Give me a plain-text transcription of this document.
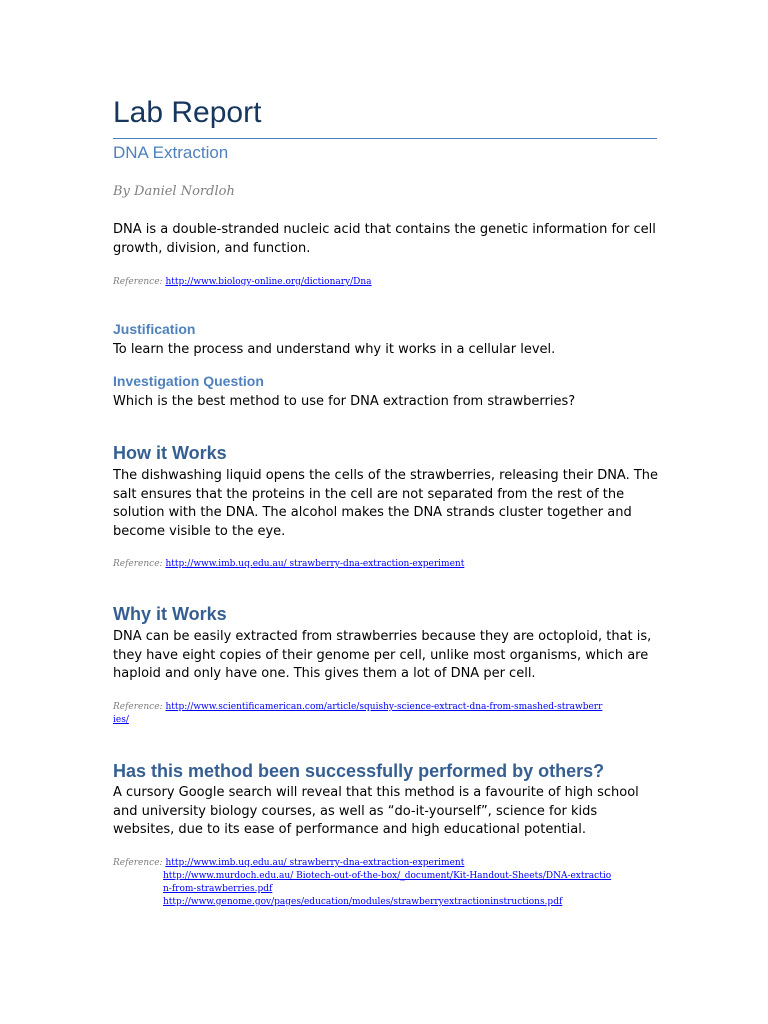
Lab Report
DNA Extraction
By Daniel Nordloh

DNA is a double-stranded nucleic acid that contains the genetic information for cell growth, division, and function.

Reference: http://www.biology-online.org/dictionary/Dna
Justification

To learn the process and understand why it works in a cellular level.

Investigation Question

Which is the best method to use for DNA extraction from strawberries?

How it Works

The dishwashing liquid opens the cells of the strawberries, releasing their DNA. The salt ensures that the proteins in the cell are not separated from the rest of the solution with the DNA. The alcohol makes the DNA strands cluster together and become visible to the eye.

Reference: http://www.imb.uq.edu.au/ strawberry-dna-extraction-experiment
Why it Works

DNA can be easily extracted from strawberries because they are octoploid, that is, they have eight copies of their genome per cell, unlike most organisms, which are haploid and only have one. This gives them a lot of DNA per cell.

Reference: http://www.scientificamerican.com/article/squishy-science-extract-dna-from-smashed-strawberries/
Has this method been successfully performed by others?

A cursory Google search will reveal that this method is a favourite of high school and university biology courses, as well as “do-it-yourself”, science for kids websites, due to its ease of performance and high educational potential.

Reference: http://www.imb.uq.edu.au/ strawberry-dna-extraction-experiment
http://www.murdoch.edu.au/ Biotech-out-of-the-box/_document/Kit-Handout-Sheets/DNA-extraction-from-strawberries.pdf
http://www.genome.gov/pages/education/modules/strawberryextractioninstructions.pdf
